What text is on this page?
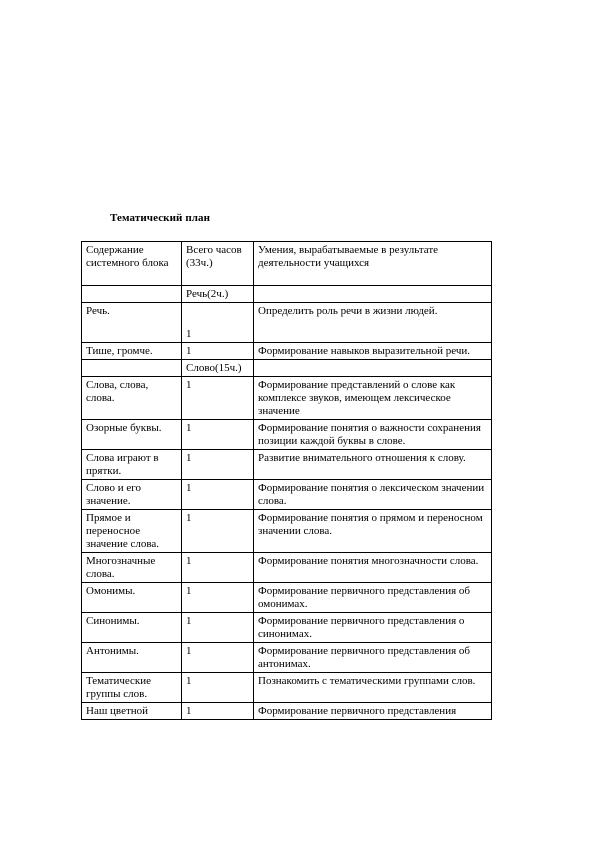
Тематический план
Содержание системного блока	Всего часов (33ч.)	Умения, вырабатываемые в результате деятельности учащихся
	Речь(2ч.)	
Речь.	1	Определить роль речи в жизни людей.
Тише, громче.	1	Формирование навыков выразительной речи.
	Слово(15ч.)	
Слова, слова, слова.	1	Формирование представлений о слове как комплексе звуков, имеющем лексическое значение
Озорные буквы.	1	Формирование понятия о важности сохранения позиции каждой буквы в слове.
Слова играют в прятки.	1	Развитие внимательного отношения к слову.
Слово и его значение.	1	Формирование понятия о лексическом значении слова.
Прямое и переносное значение слова.	1	Формирование понятия о прямом и переносном значении слова.
Многозначные слова.	1	Формирование понятия многозначности слова.
Омонимы.	1	Формирование первичного представления об омонимах.
Синонимы.	1	Формирование первичного представления о синонимах.
Антонимы.	1	Формирование первичного представления об антонимах.
Тематические группы слов.	1	Познакомить с тематическими группами слов.
Наш цветной	1	Формирование первичного представления
